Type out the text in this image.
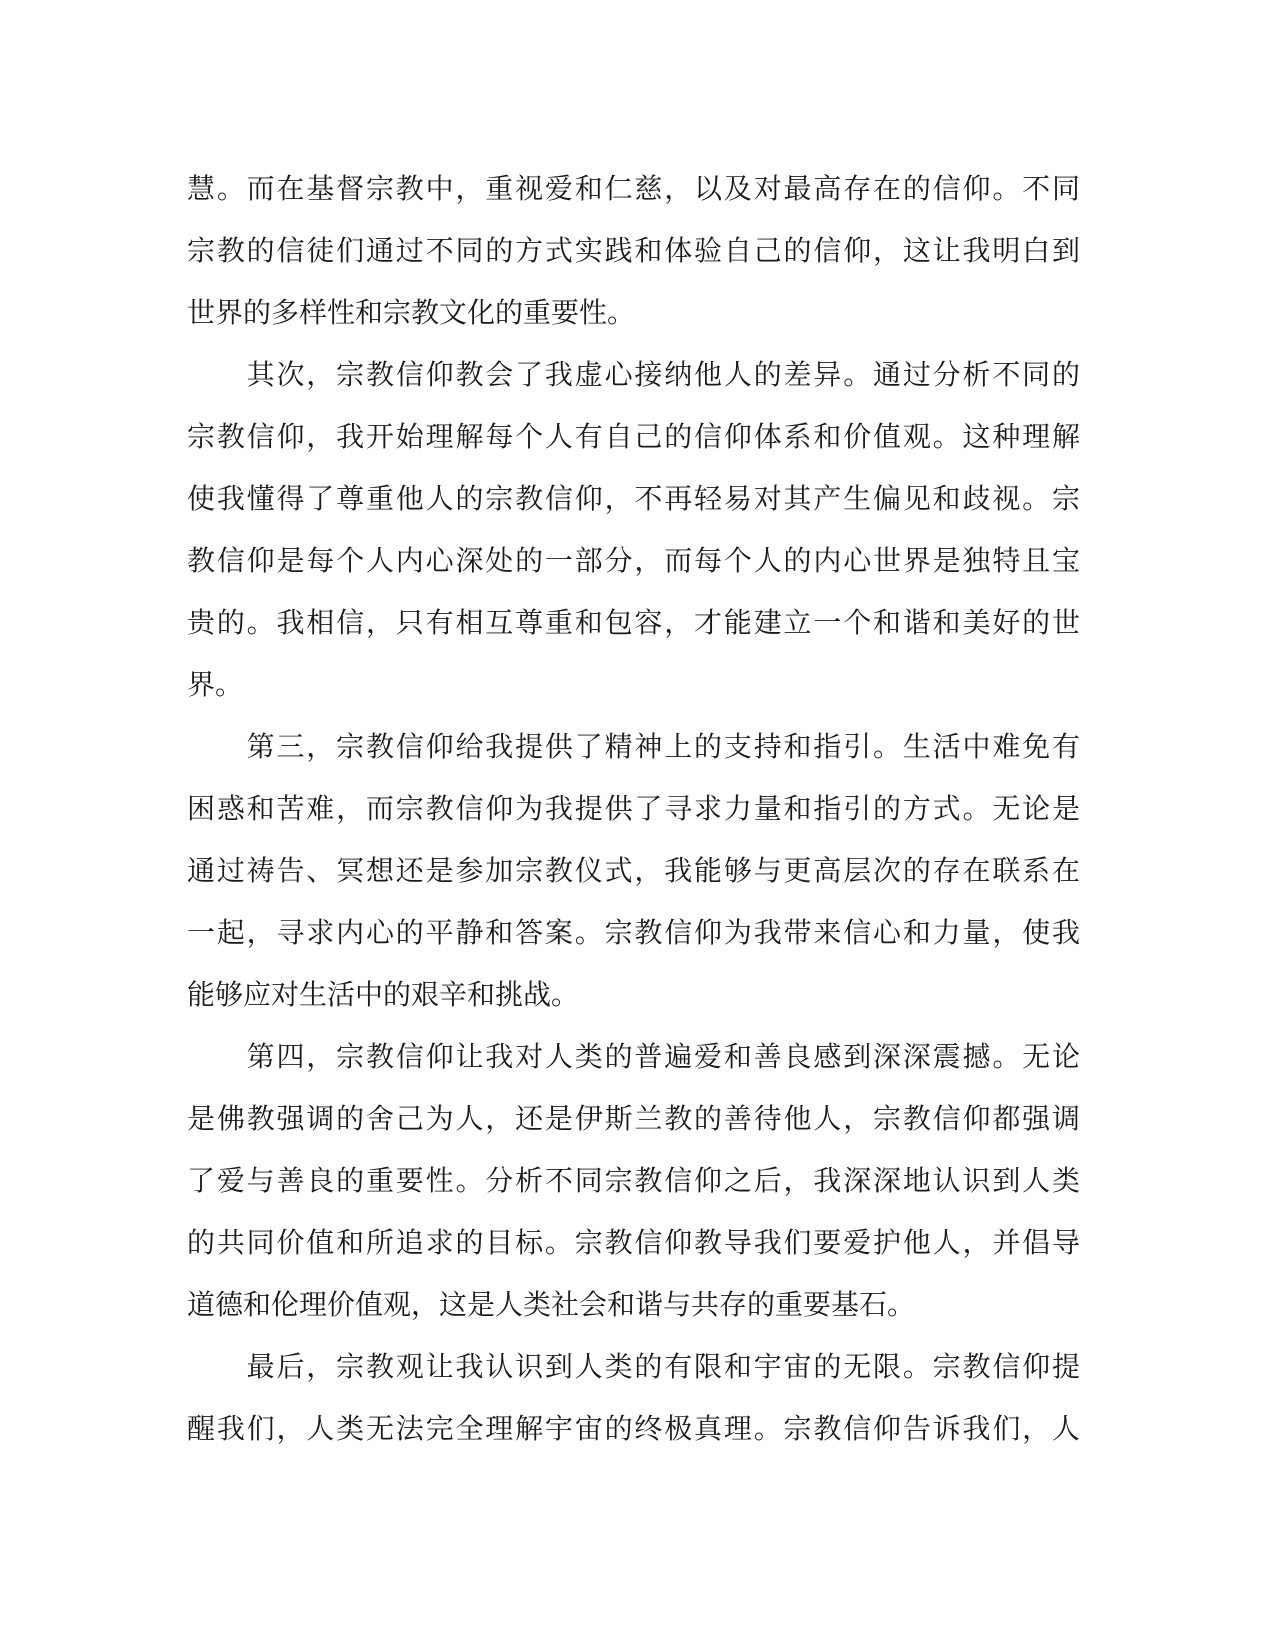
慧。而在基督宗教中，重视爱和仁慈，以及对最高存在的信仰。不同
宗教的信徒们通过不同的方式实践和体验自己的信仰，这让我明白到
世界的多样性和宗教文化的重要性。
　　其次，宗教信仰教会了我虚心接纳他人的差异。通过分析不同的
宗教信仰，我开始理解每个人有自己的信仰体系和价值观。这种理解
使我懂得了尊重他人的宗教信仰，不再轻易对其产生偏见和歧视。宗
教信仰是每个人内心深处的一部分，而每个人的内心世界是独特且宝
贵的。我相信，只有相互尊重和包容，才能建立一个和谐和美好的世
界。
　　第三，宗教信仰给我提供了精神上的支持和指引。生活中难免有
困惑和苦难，而宗教信仰为我提供了寻求力量和指引的方式。无论是
通过祷告、冥想还是参加宗教仪式，我能够与更高层次的存在联系在
一起，寻求内心的平静和答案。宗教信仰为我带来信心和力量，使我
能够应对生活中的艰辛和挑战。
　　第四，宗教信仰让我对人类的普遍爱和善良感到深深震撼。无论
是佛教强调的舍己为人，还是伊斯兰教的善待他人，宗教信仰都强调
了爱与善良的重要性。分析不同宗教信仰之后，我深深地认识到人类
的共同价值和所追求的目标。宗教信仰教导我们要爱护他人，并倡导
道德和伦理价值观，这是人类社会和谐与共存的重要基石。
　　最后，宗教观让我认识到人类的有限和宇宙的无限。宗教信仰提
醒我们，人类无法完全理解宇宙的终极真理。宗教信仰告诉我们，人
